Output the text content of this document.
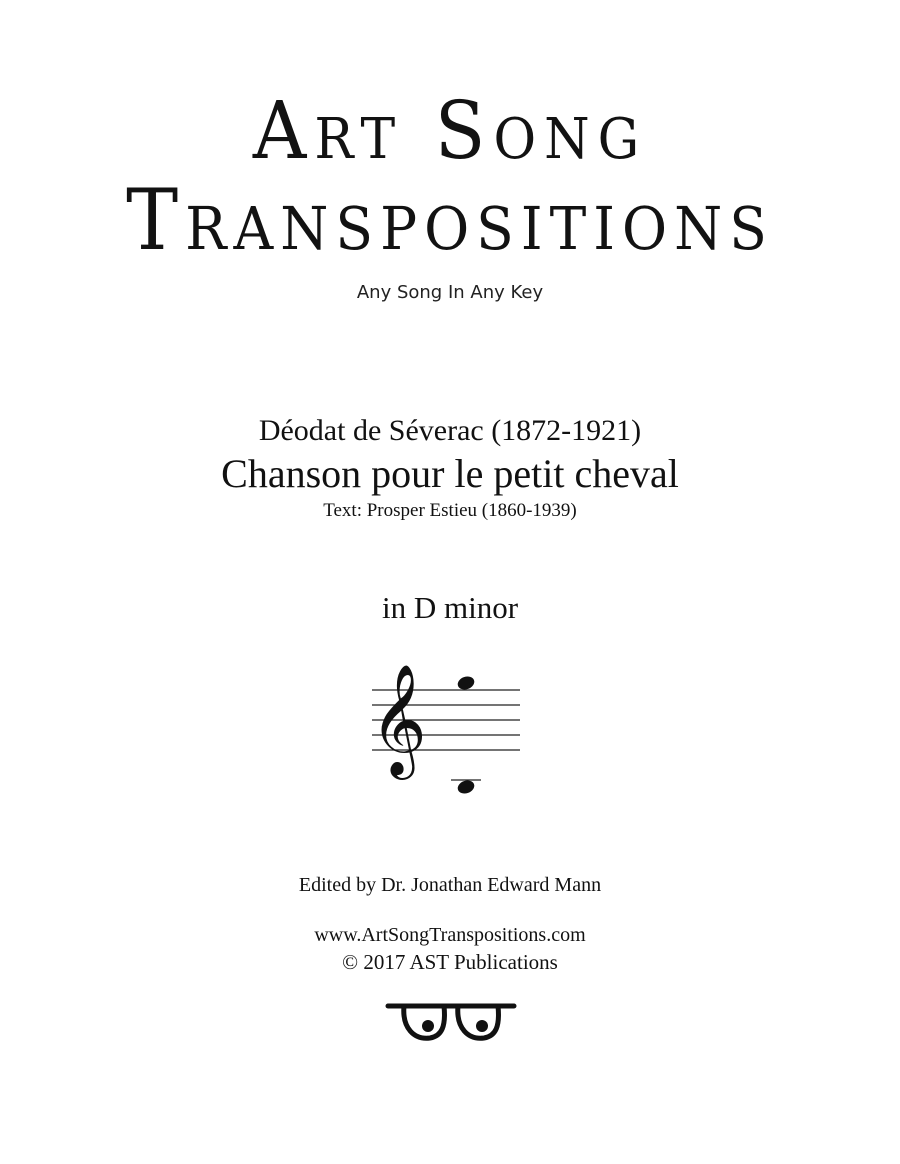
Art Song
Transpositions
Any Song In Any Key
Déodat de Séverac (1872-1921)
Chanson pour le petit cheval
Text: Prosper Estieu (1860-1939)
in D minor
𝄞
Edited by Dr. Jonathan Edward Mann
www.ArtSongTranspositions.com
© 2017 AST Publications
